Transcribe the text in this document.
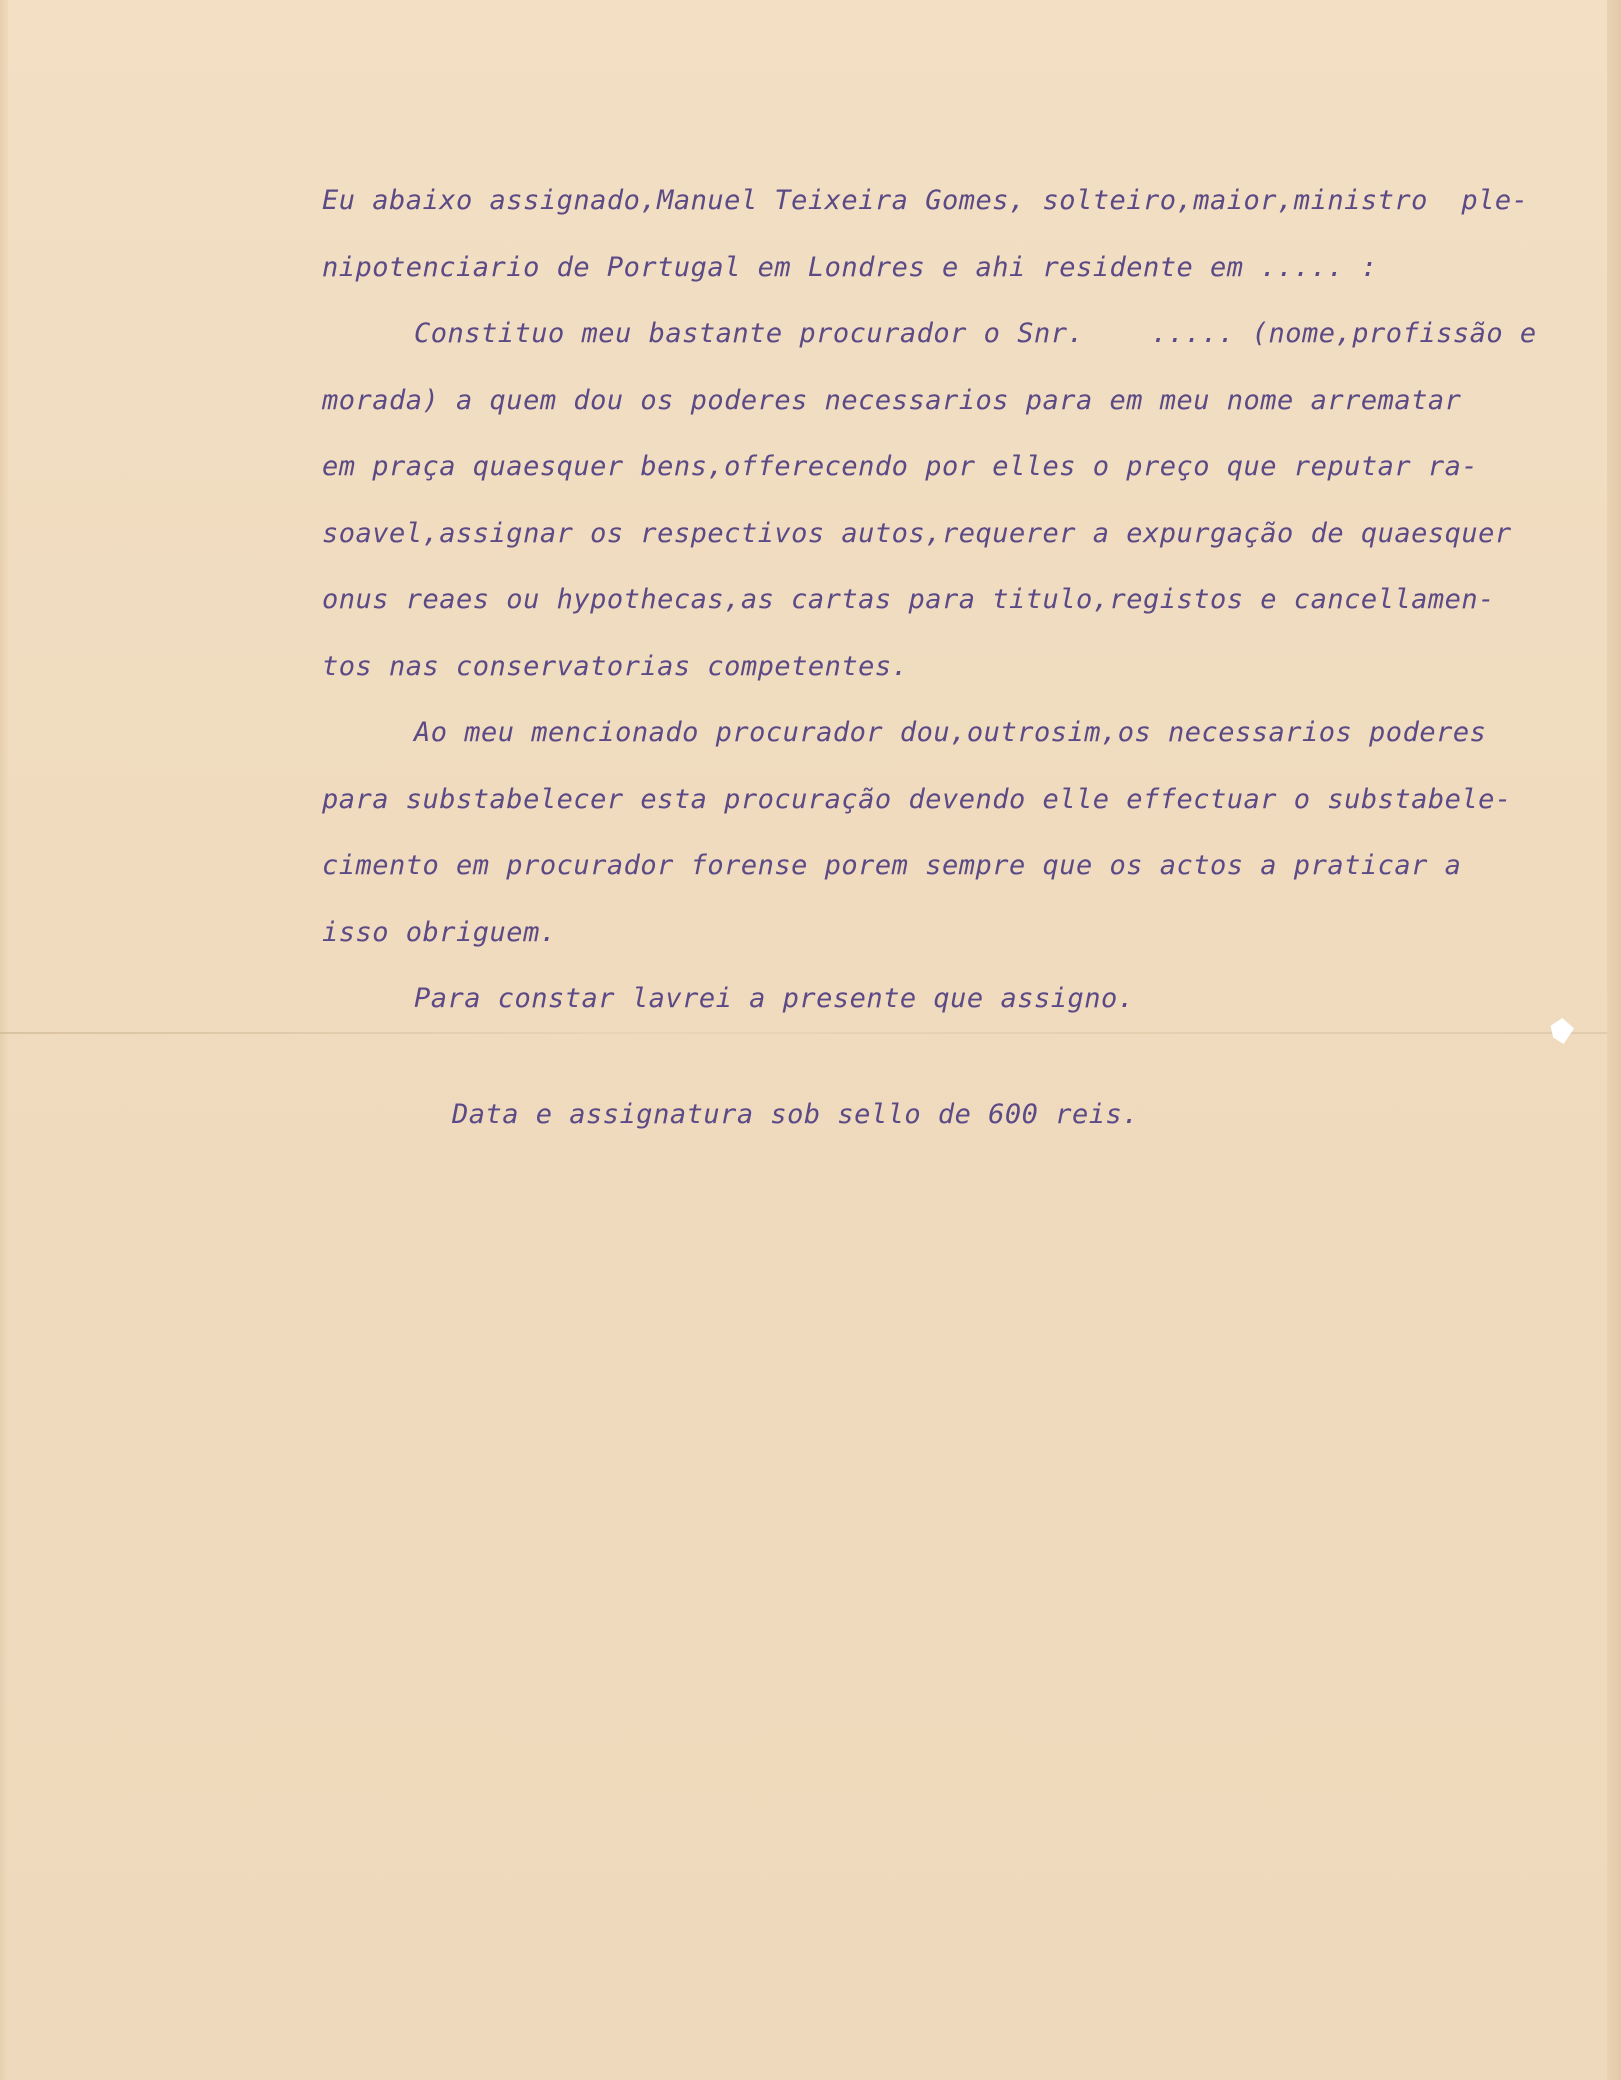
Eu abaixo assignado,Manuel Teixeira Gomes, solteiro,maior,ministro  ple-
nipotenciario de Portugal em Londres e ahi residente em ..... :
Constituo meu bastante procurador o Snr.    ..... (nome,profissão e
morada) a quem dou os poderes necessarios para em meu nome arrematar
em praça quaesquer bens,offerecendo por elles o preço que reputar ra-
soavel,assignar os respectivos autos,requerer a expurgação de quaesquer
onus reaes ou hypothecas,as cartas para titulo,registos e cancellamen-
tos nas conservatorias competentes.
Ao meu mencionado procurador dou,outrosim,os necessarios poderes
para substabelecer esta procuração devendo elle effectuar o substabele-
cimento em procurador forense porem sempre que os actos a praticar a
isso obriguem.
Para constar lavrei a presente que assigno.
Data e assignatura sob sello de 600 reis.
